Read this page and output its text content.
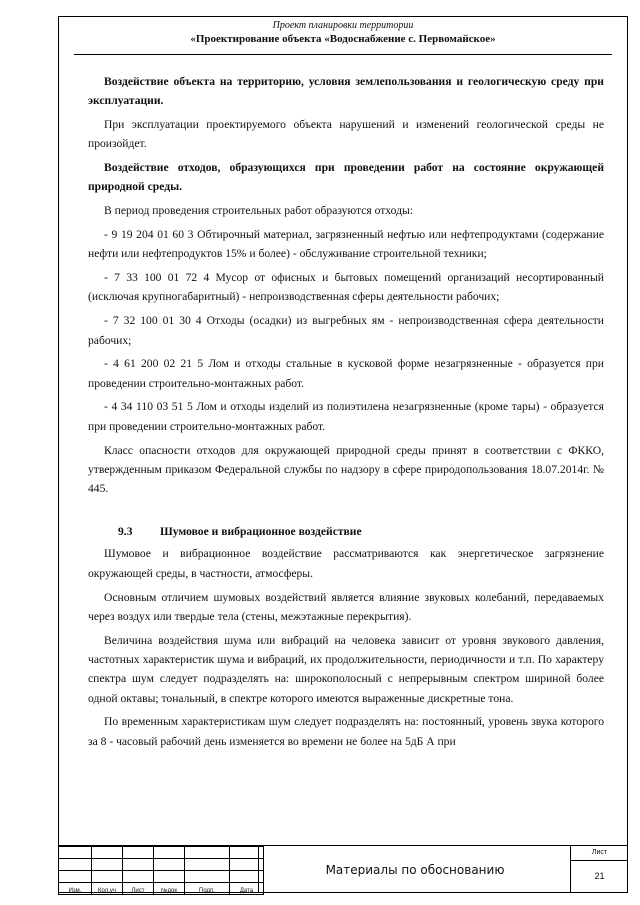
Проект планировки территории
«Проектирование объекта «Водоснабжение с. Первомайское»

Воздействие объекта на территорию, условия землепользования и геологическую среду при эксплуатации.

При эксплуатации проектируемого объекта нарушений и изменений геологической среды не произойдет.

Воздействие отходов, образующихся при проведении работ на состояние окружающей природной среды.

В период проведения строительных работ образуются отходы:

- 9 19 204 01 60 3 Обтирочный материал, загрязненный нефтью или нефтепродуктами (содержание нефти или нефтепродуктов 15% и более) - обслуживание строительной техники;

- 7 33 100 01 72 4 Мусор от офисных и бытовых помещений организаций несортированный (исключая крупногабаритный) - непроизводственная сферы деятельности рабочих;

- 7 32 100 01 30 4 Отходы (осадки) из выгребных ям - непроизводственная сфера деятельности рабочих;

- 4 61 200 02 21 5 Лом и отходы стальные в кусковой форме незагрязненные - образуется при проведении строительно-монтажных работ.

- 4 34 110 03 51 5 Лом и отходы изделий из полиэтилена незагрязненные (кроме тары) - образуется при проведении строительно-монтажных работ.

Класс опасности отходов для окружающей природной среды принят в соответствии с ФККО, утвержденным приказом Федеральной службы по надзору в сфере природопользования 18.07.2014г. № 445.

9.3 Шумовое и вибрационное воздействие

Шумовое и вибрационное воздействие рассматриваются как энергетическое загрязнение окружающей среды, в частности, атмосферы.

Основным отличием шумовых воздействий является влияние звуковых колебаний, передаваемых через воздух или твердые тела (стены, межэтажные перекрытия).

Величина воздействия шума или вибраций на человека зависит от уровня звукового давления, частотных характеристик шума и вибраций, их продолжительности, периодичности и т.п. По характеру спектра шум следует подразделять на: широкополосный с непрерывным спектром шириной более одной октавы; тональный, в спектре которого имеются выраженные дискретные тона.

По временным характеристикам шум следует подразделять на: постоянный, уровень звука которого за 8 - часовый рабочий день изменяется во времени не более на 5дБ А при

Изм.	Кол.уч	Лист	№док	Подп.	Дата
Материалы по обоснованию
Лист
21
